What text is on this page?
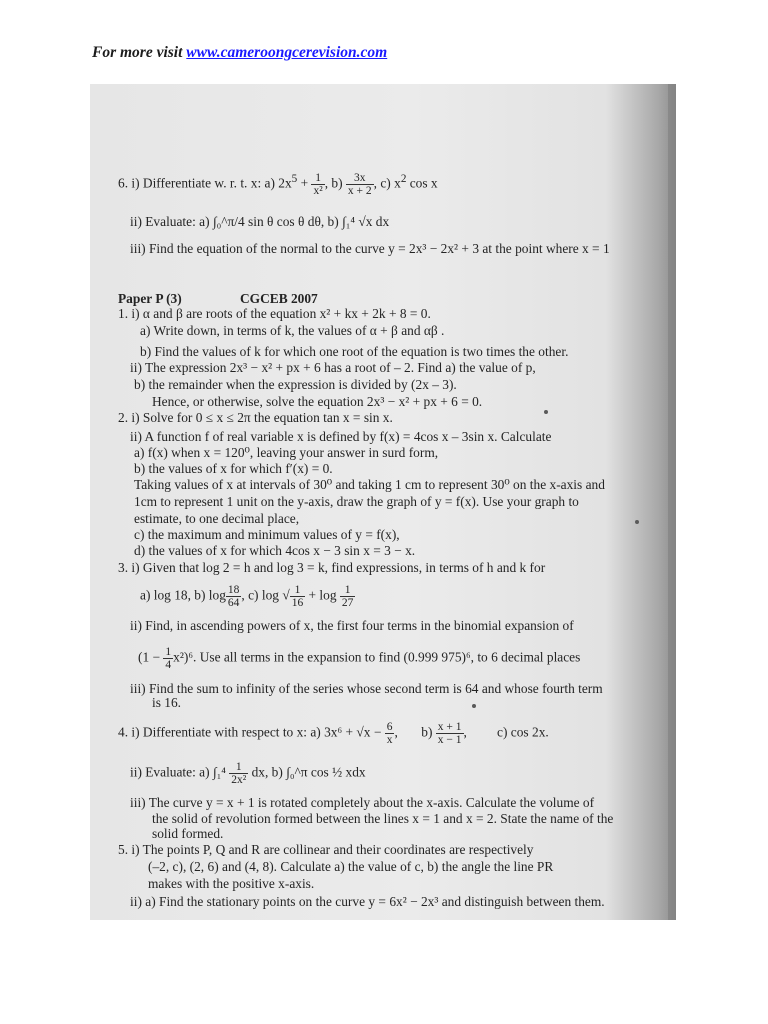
For more visit www.cameroongcerevision.com
6. i) Differentiate w. r. t. x: a) $2x^5 + \frac{1}{\text{x²}}$ , $b) \frac{3x}{x + 2}$ , c) $x^2$ cos x
ii) Evaluate: a) ∫₀^π/4 sin θ cos θ dθ, b) ∫₁⁴ √x dx
iii) Find the equation of the normal to the curve y = 2x³ − 2x² + 3 at the point where x = 1
Paper P (3)	CGCEB 2007
1. i) α and β are roots of the equation x² + kx + 2k + 8 = 0.
a) Write down, in terms of k, the values of α + β and αβ .
b) Find the values of k for which one root of the equation is two times the other.
ii) The expression 2x³ − x² + px + 6 has a root of – 2. Find a) the value of p,
b) the remainder when the expression is divided by (2x – 3).
Hence, or otherwise, solve the equation 2x³ − x² + px + 6 = 0.
2. i) Solve for 0 ≤ x ≤ 2π the equation tan x = sin x.
ii) A function f of real variable x is defined by f(x) = 4cos x – 3sin x. Calculate
a) f(x) when x = 120⁰, leaving your answer in surd form,
b) the values of x for which f′(x) = 0.
Taking values of x at intervals of 30⁰ and taking 1 cm to represent 30⁰ on the x-axis and
1cm to represent 1 unit on the y-axis, draw the graph of y = f(x). Use your graph to
estimate, to one decimal place,
c) the maximum and minimum values of y = f(x),
d) the values of x for which 4cos x − 3 sin x = 3 − x.
3. i) Given that log 2 = h and log 3 = k, find expressions, in terms of h and k for
a) log 18, b) $\log \frac{18}{64}$ , c) log √ $\frac{1}{16} + \log \frac{1}{27}$
ii) Find, in ascending powers of x, the first four terms in the binomial expansion of
$(1 - \frac{1}{4} x^2)^6$. Use all terms in the expansion to find (0.999 975)⁶, to 6 decimal places
iii) Find the sum to infinity of the series whose second term is 64 and whose fourth term
is 16.
4. i) Differentiate with respect to x: a) $3x^6 + √x - \frac{6}{x}$ , $b) \frac{x + 1}{x - 1}$ , c) cos 2x.
ii) Evaluate: a) $\int_1^4 \frac{1}{\text{2x²}}$ dx, b) ∫₀^π cos ½ xdx
iii) The curve y = x + 1 is rotated completely about the x-axis. Calculate the volume of
the solid of revolution formed between the lines x = 1 and x = 2. State the name of the
solid formed.
5. i) The points P, Q and R are collinear and their coordinates are respectively
(–2, c), (2, 6) and (4, 8). Calculate a) the value of c, b) the angle the line PR
makes with the positive x-axis.
ii) a) Find the stationary points on the curve y = 6x² − 2x³ and distinguish between them.
